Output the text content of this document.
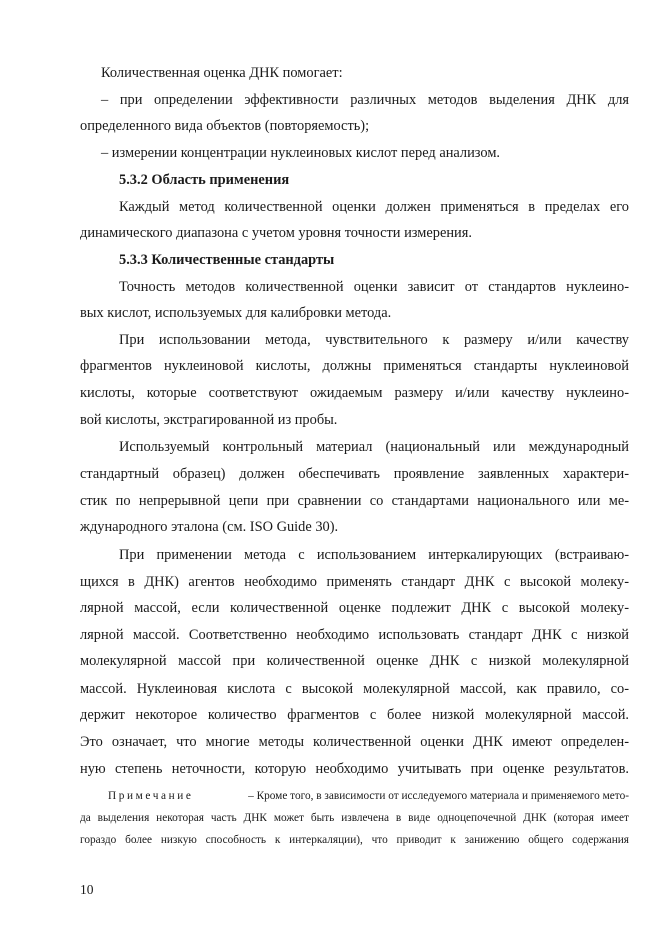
Количественная оценка ДНК помогает:
– при определении эффективности различных методов выделения ДНК для
определенного вида объектов (повторяемость);
– измерении концентрации нуклеиновых кислот перед анализом.
5.3.2 Область применения
Каждый метод количественной оценки должен применяться в пределах его
динамического диапазона с учетом уровня точности измерения.
5.3.3 Количественные стандарты
Точность методов количественной оценки зависит от стандартов нуклеино-
вых кислот, используемых для калибровки метода.
При использовании метода, чувствительного к размеру и/или качеству
фрагментов нуклеиновой кислоты, должны применяться стандарты нуклеиновой
кислоты, которые соответствуют ожидаемым размеру и/или качеству нуклеино-
вой кислоты, экстрагированной из пробы.
Используемый контрольный материал (национальный или международный
стандартный образец) должен обеспечивать проявление заявленных характери-
стик по непрерывной цепи при сравнении со стандартами национального или ме-
ждународного эталона (см. ISO Guide 30).
При применении метода с использованием интеркалирующих (встраиваю-
щихся в ДНК) агентов необходимо применять стандарт ДНК с высокой молеку-
лярной массой, если количественной оценке подлежит ДНК с высокой молеку-
лярной массой. Соответственно необходимо использовать стандарт ДНК с низкой
молекулярной массой при количественной оценке ДНК с низкой молекулярной
массой. Нуклеиновая кислота с высокой молекулярной массой, как правило, со-
держит некоторое количество фрагментов с более низкой молекулярной массой.
Это означает, что многие методы количественной оценки ДНК имеют определен-
ную степень неточности, которую необходимо учитывать при оценке результатов.
Примечание	– Кроме того, в зависимости от исследуемого материала и применяемого мето-
да выделения некоторая часть ДНК может быть извлечена в виде одноцепочечной ДНК (которая имеет
гораздо более низкую способность к интеркаляции), что приводит к занижению общего содержания
10
